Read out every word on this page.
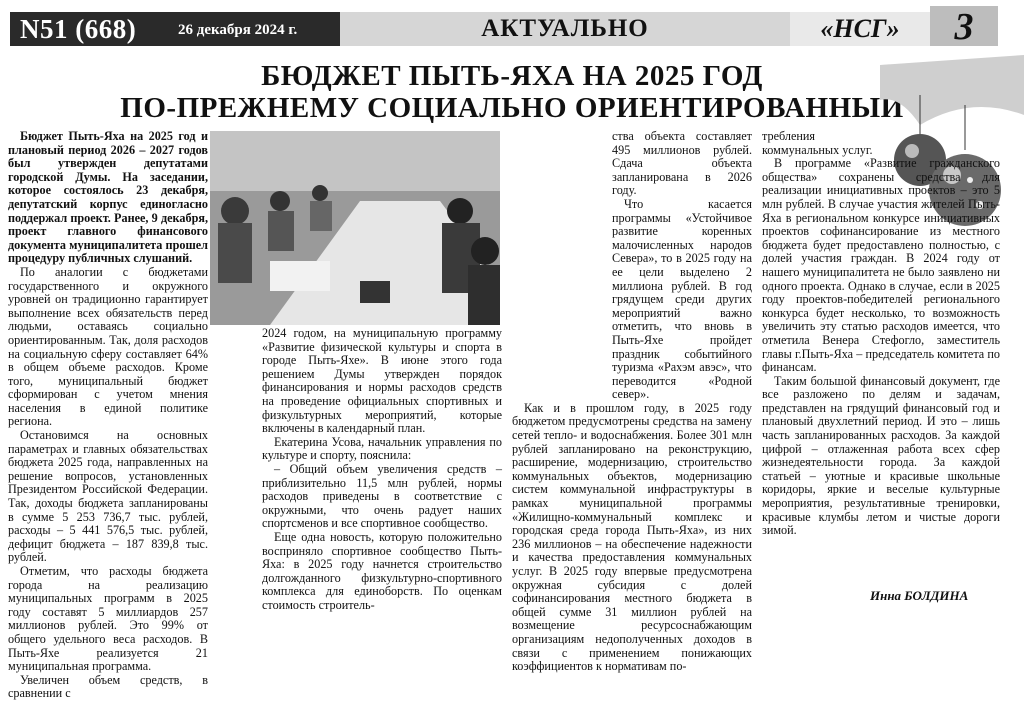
N51 (668)	26 декабря 2024 г.	АКТУАЛЬНО	«НСГ»	3
БЮДЖЕТ ПЫТЬ-ЯХА НА 2025 ГОД
ПО-ПРЕЖНЕМУ СОЦИАЛЬНО ОРИЕНТИРОВАННЫЙ

Бюджет Пыть-Яха на 2025 год и плановый период 2026 – 2027 годов был утвержден депутатами городской Думы. На заседании, которое состоялось 23 декабря, депутатский корпус единогласно поддержал проект. Ранее, 9 декабря, проект главного финансового документа муниципалитета прошел процедуру публичных слушаний.

По аналогии с бюджетами государственного и окружного уровней он традиционно гарантирует выполнение всех обязательств перед людьми, оставаясь социально ориентированным. Так, доля расходов на социальную сферу составляет 64% в общем объеме расходов. Кроме того, муниципальный бюджет сформирован с учетом мнения населения в единой политике региона.

Остановимся на основных параметрах и главных обязательствах бюджета 2025 года, направленных на решение вопросов, установленных Президентом Российской Федерации. Так, доходы бюджета запланированы в сумме 5 253 736,7 тыс. рублей, расходы – 5 441 576,5 тыс. рублей, дефицит бюджета – 187 839,8 тыс. рублей.

Отметим, что расходы бюджета города на реализацию муниципальных программ в 2025 году составят 5 миллиардов 257 миллионов рублей. Это 99% от общего удельного веса расходов. В Пыть-Яхе реализуется 21 муниципальная программа.

Увеличен объем средств, в сравнении с

2024 годом, на муниципальную программу «Развитие физической культуры и спорта в городе Пыть-Яхе». В июне этого года решением Думы утвержден порядок финансирования и нормы расходов средств на проведение официальных спортивных и физкультурных мероприятий, которые включены в календарный план.

Екатерина Усова, начальник управления по культуре и спорту, пояснила:

– Общий объем увеличения средств – приблизительно 11,5 млн рублей, нормы расходов приведены в соответствие с окружными, что очень радует наших спортсменов и все спортивное сообщество.

Еще одна новость, которую положительно восприняло спортивное сообщество Пыть-Яха: в 2025 году начнется строительство долгожданного физкультурно-спортивного комплекса для единоборств. По оценкам стоимость строитель-

ства объекта составляет 495 миллионов рублей. Сдача объекта запланирована в 2026 году.

Что касается программы «Устойчивое развитие коренных малочисленных народов Севера», то в 2025 году на ее цели выделено 2 миллиона рублей. В год грядущем среди других мероприятий важно отметить, что вновь в Пыть-Яхе пройдет праздник событийного туризма «Рахэм авэс», что переводится «Родной север».

Как и в прошлом году, в 2025 году бюджетом предусмотрены средства на замену сетей тепло- и водоснабжения. Более 301 млн рублей запланировано на реконструкцию, расширение, модернизацию, строительство коммунальных объектов, модернизацию систем коммунальной инфраструктуры в рамках муниципальной программы «Жилищно-коммунальный комплекс и городская среда города Пыть-Яха», из них 236 миллионов – на обеспечение надежности и качества предоставления коммунальных услуг. В 2025 году впервые предусмотрена окружная субсидия с долей софинансирования местного бюджета в общей сумме 31 миллион рублей на возмещение ресурсоснабжающим организациям недополученных доходов в связи с применением понижающих коэффициентов к нормативам по-

требления коммунальных услуг.

В программе «Развитие гражданского общества» сохранены средства для реализации инициативных проектов – это 5 млн рублей. В случае участия жителей Пыть-Яха в региональном конкурсе инициативных проектов софинансирование из местного бюджета будет предоставлено полностью, с долей участия граждан. В 2024 году от нашего муниципалитета не было заявлено ни одного проекта. Однако в случае, если в 2025 году проектов-победителей регионального конкурса будет несколько, то возможность увеличить эту статью расходов имеется, что отметила Венера Стефогло, заместитель главы г.Пыть-Яха – председатель комитета по финансам.

Таким большой финансовый документ, где все разложено по делям и задачам, представлен на грядущий финансовый год и плановый двухлетний период. И это – лишь часть запланированных расходов. За каждой цифрой – отлаженная работа всех сфер жизнедеятельности города. За каждой статьей – уютные и красивые школьные коридоры, яркие и веселые культурные мероприятия, результативные тренировки, красивые клумбы летом и чистые дороги зимой.

Инна БОЛДИНА
